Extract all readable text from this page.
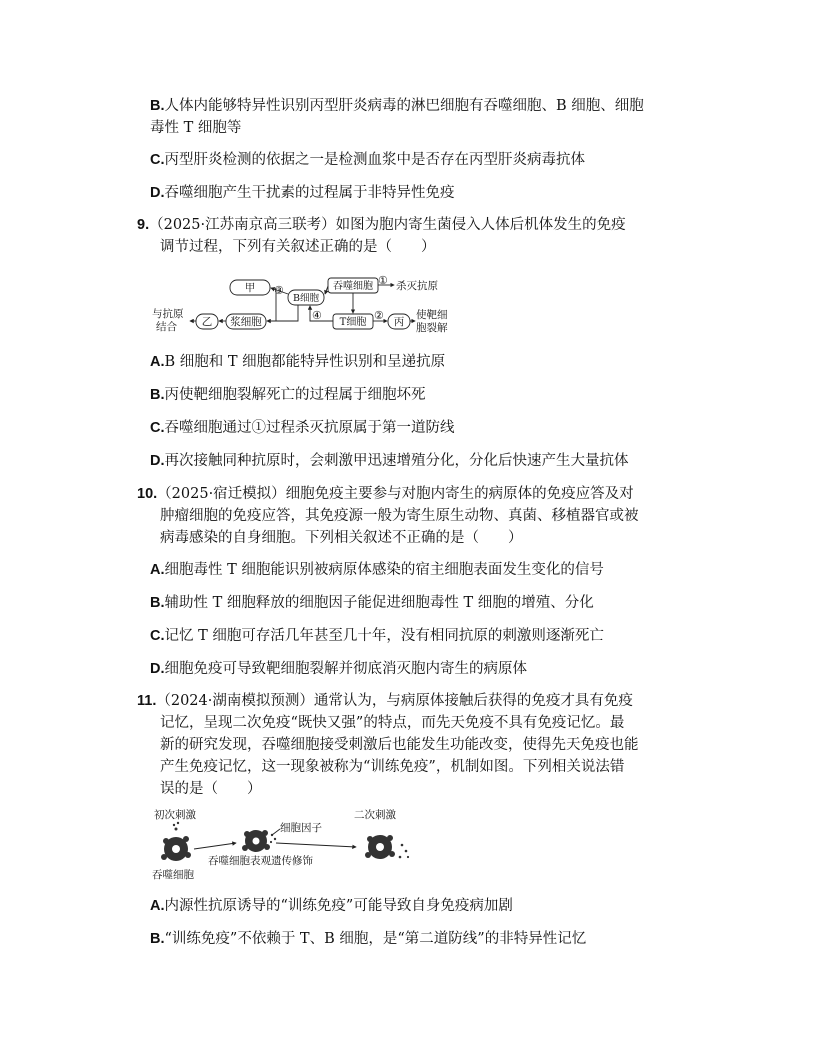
B.人体内能够特异性识别丙型肝炎病毒的淋巴细胞有吞噬细胞、B 细胞、细胞
毒性 T 细胞等
C.丙型肝炎检测的依据之一是检测血浆中是否存在丙型肝炎病毒抗体
D.吞噬细胞产生干扰素的过程属于非特异性免疫
9.（2025·江苏南京高三联考）如图为胞内寄生菌侵入人体后机体发生的免疫
调节过程，下列有关叙述正确的是（　　）
甲
B细胞
吞噬细胞
T细胞
浆细胞
乙	丙
杀灭抗原
与抗原
结合
使靶细
胞裂解
①
②
③
④
A.B 细胞和 T 细胞都能特异性识别和呈递抗原
B.丙使靶细胞裂解死亡的过程属于细胞坏死
C.吞噬细胞通过①过程杀灭抗原属于第一道防线
D.再次接触同种抗原时，会刺激甲迅速增殖分化，分化后快速产生大量抗体
10.（2025·宿迁模拟）细胞免疫主要参与对胞内寄生的病原体的免疫应答及对
肿瘤细胞的免疫应答，其免疫源一般为寄生原生动物、真菌、移植器官或被
病毒感染的自身细胞。下列相关叙述不正确的是（　　）
A.细胞毒性 T 细胞能识别被病原体感染的宿主细胞表面发生变化的信号
B.辅助性 T 细胞释放的细胞因子能促进细胞毒性 T 细胞的增殖、分化
C.记忆 T 细胞可存活几年甚至几十年，没有相同抗原的刺激则逐渐死亡
D.细胞免疫可导致靶细胞裂解并彻底消灭胞内寄生的病原体
11.（2024·湖南模拟预测）通常认为，与病原体接触后获得的免疫才具有免疫
记忆，呈现二次免疫“既快又强”的特点，而先天免疫不具有免疫记忆。最
新的研究发现，吞噬细胞接受刺激后也能发生功能改变，使得先天免疫也能
产生免疫记忆，这一现象被称为“训练免疫”，机制如图。下列相关说法错
误的是（　　）
初次刺激	二次刺激
细胞因子
吞噬细胞
吞噬细胞表观遗传修饰
A.内源性抗原诱导的“训练免疫”可能导致自身免疫病加剧
B.“训练免疫”不依赖于 T、B 细胞，是“第二道防线”的非特异性记忆
